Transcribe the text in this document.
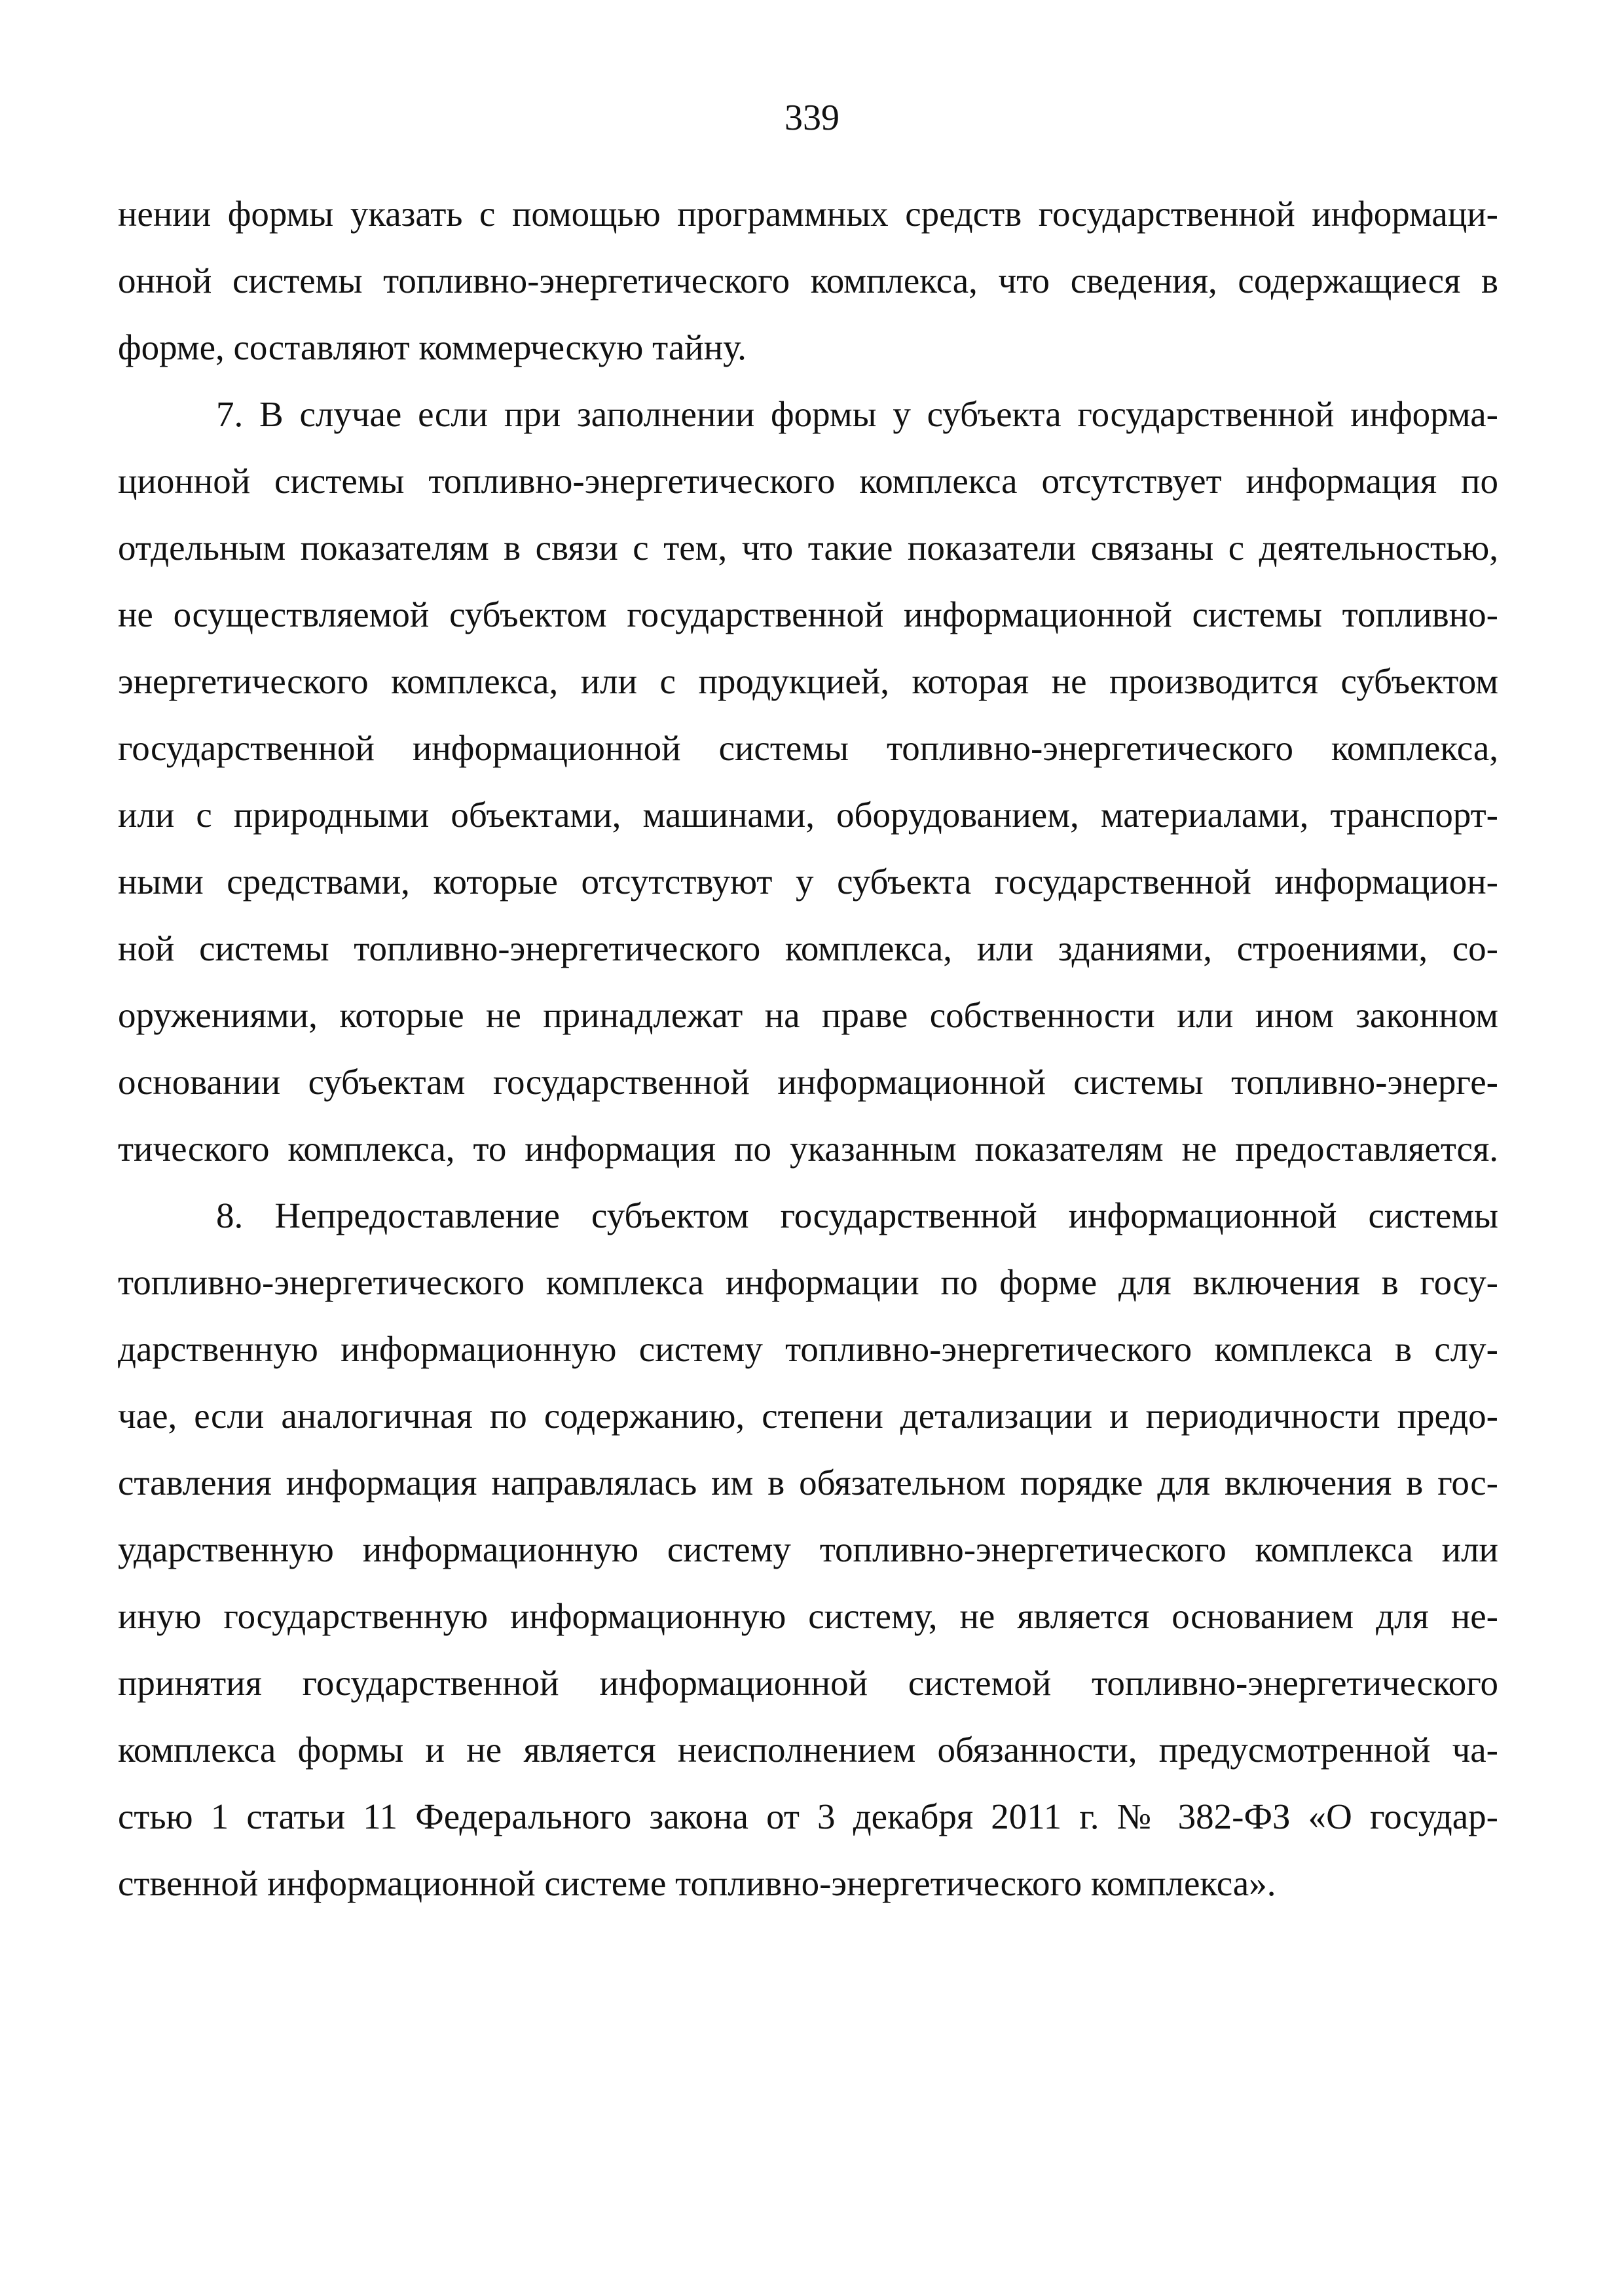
339
нении формы указать с помощью программных средств государственной информаци-
онной системы топливно-энергетического комплекса, что сведения, содержащиеся в
форме, составляют коммерческую тайну.
7. В случае если при заполнении формы у субъекта государственной информа-
ционной системы топливно-энергетического комплекса отсутствует информация по
отдельным показателям в связи с тем, что такие показатели связаны с деятельностью,
не осуществляемой субъектом государственной информационной системы топливно-
энергетического комплекса, или с продукцией, которая не производится субъектом
государственной информационной системы топливно-энергетического комплекса,
или с природными объектами, машинами, оборудованием, материалами, транспорт-
ными средствами, которые отсутствуют у субъекта государственной информацион-
ной системы топливно-энергетического комплекса, или зданиями, строениями, со-
оружениями, которые не принадлежат на праве собственности или ином законном
основании субъектам государственной информационной системы топливно-энерге-
тического комплекса, то информация по указанным показателям не предоставляется.
8. Непредоставление субъектом государственной информационной системы
топливно-энергетического комплекса информации по форме для включения в госу-
дарственную информационную систему топливно-энергетического комплекса в слу-
чае, если аналогичная по содержанию, степени детализации и периодичности предо-
ставления информация направлялась им в обязательном порядке для включения в гос-
ударственную информационную систему топливно-энергетического комплекса или
иную государственную информационную систему, не является основанием для не-
принятия государственной информационной системой топливно-энергетического
комплекса формы и не является неисполнением обязанности, предусмотренной ча-
стью 1 статьи 11 Федерального закона от 3 декабря 2011 г. № 382-ФЗ «О государ-
ственной информационной системе топливно-энергетического комплекса».
